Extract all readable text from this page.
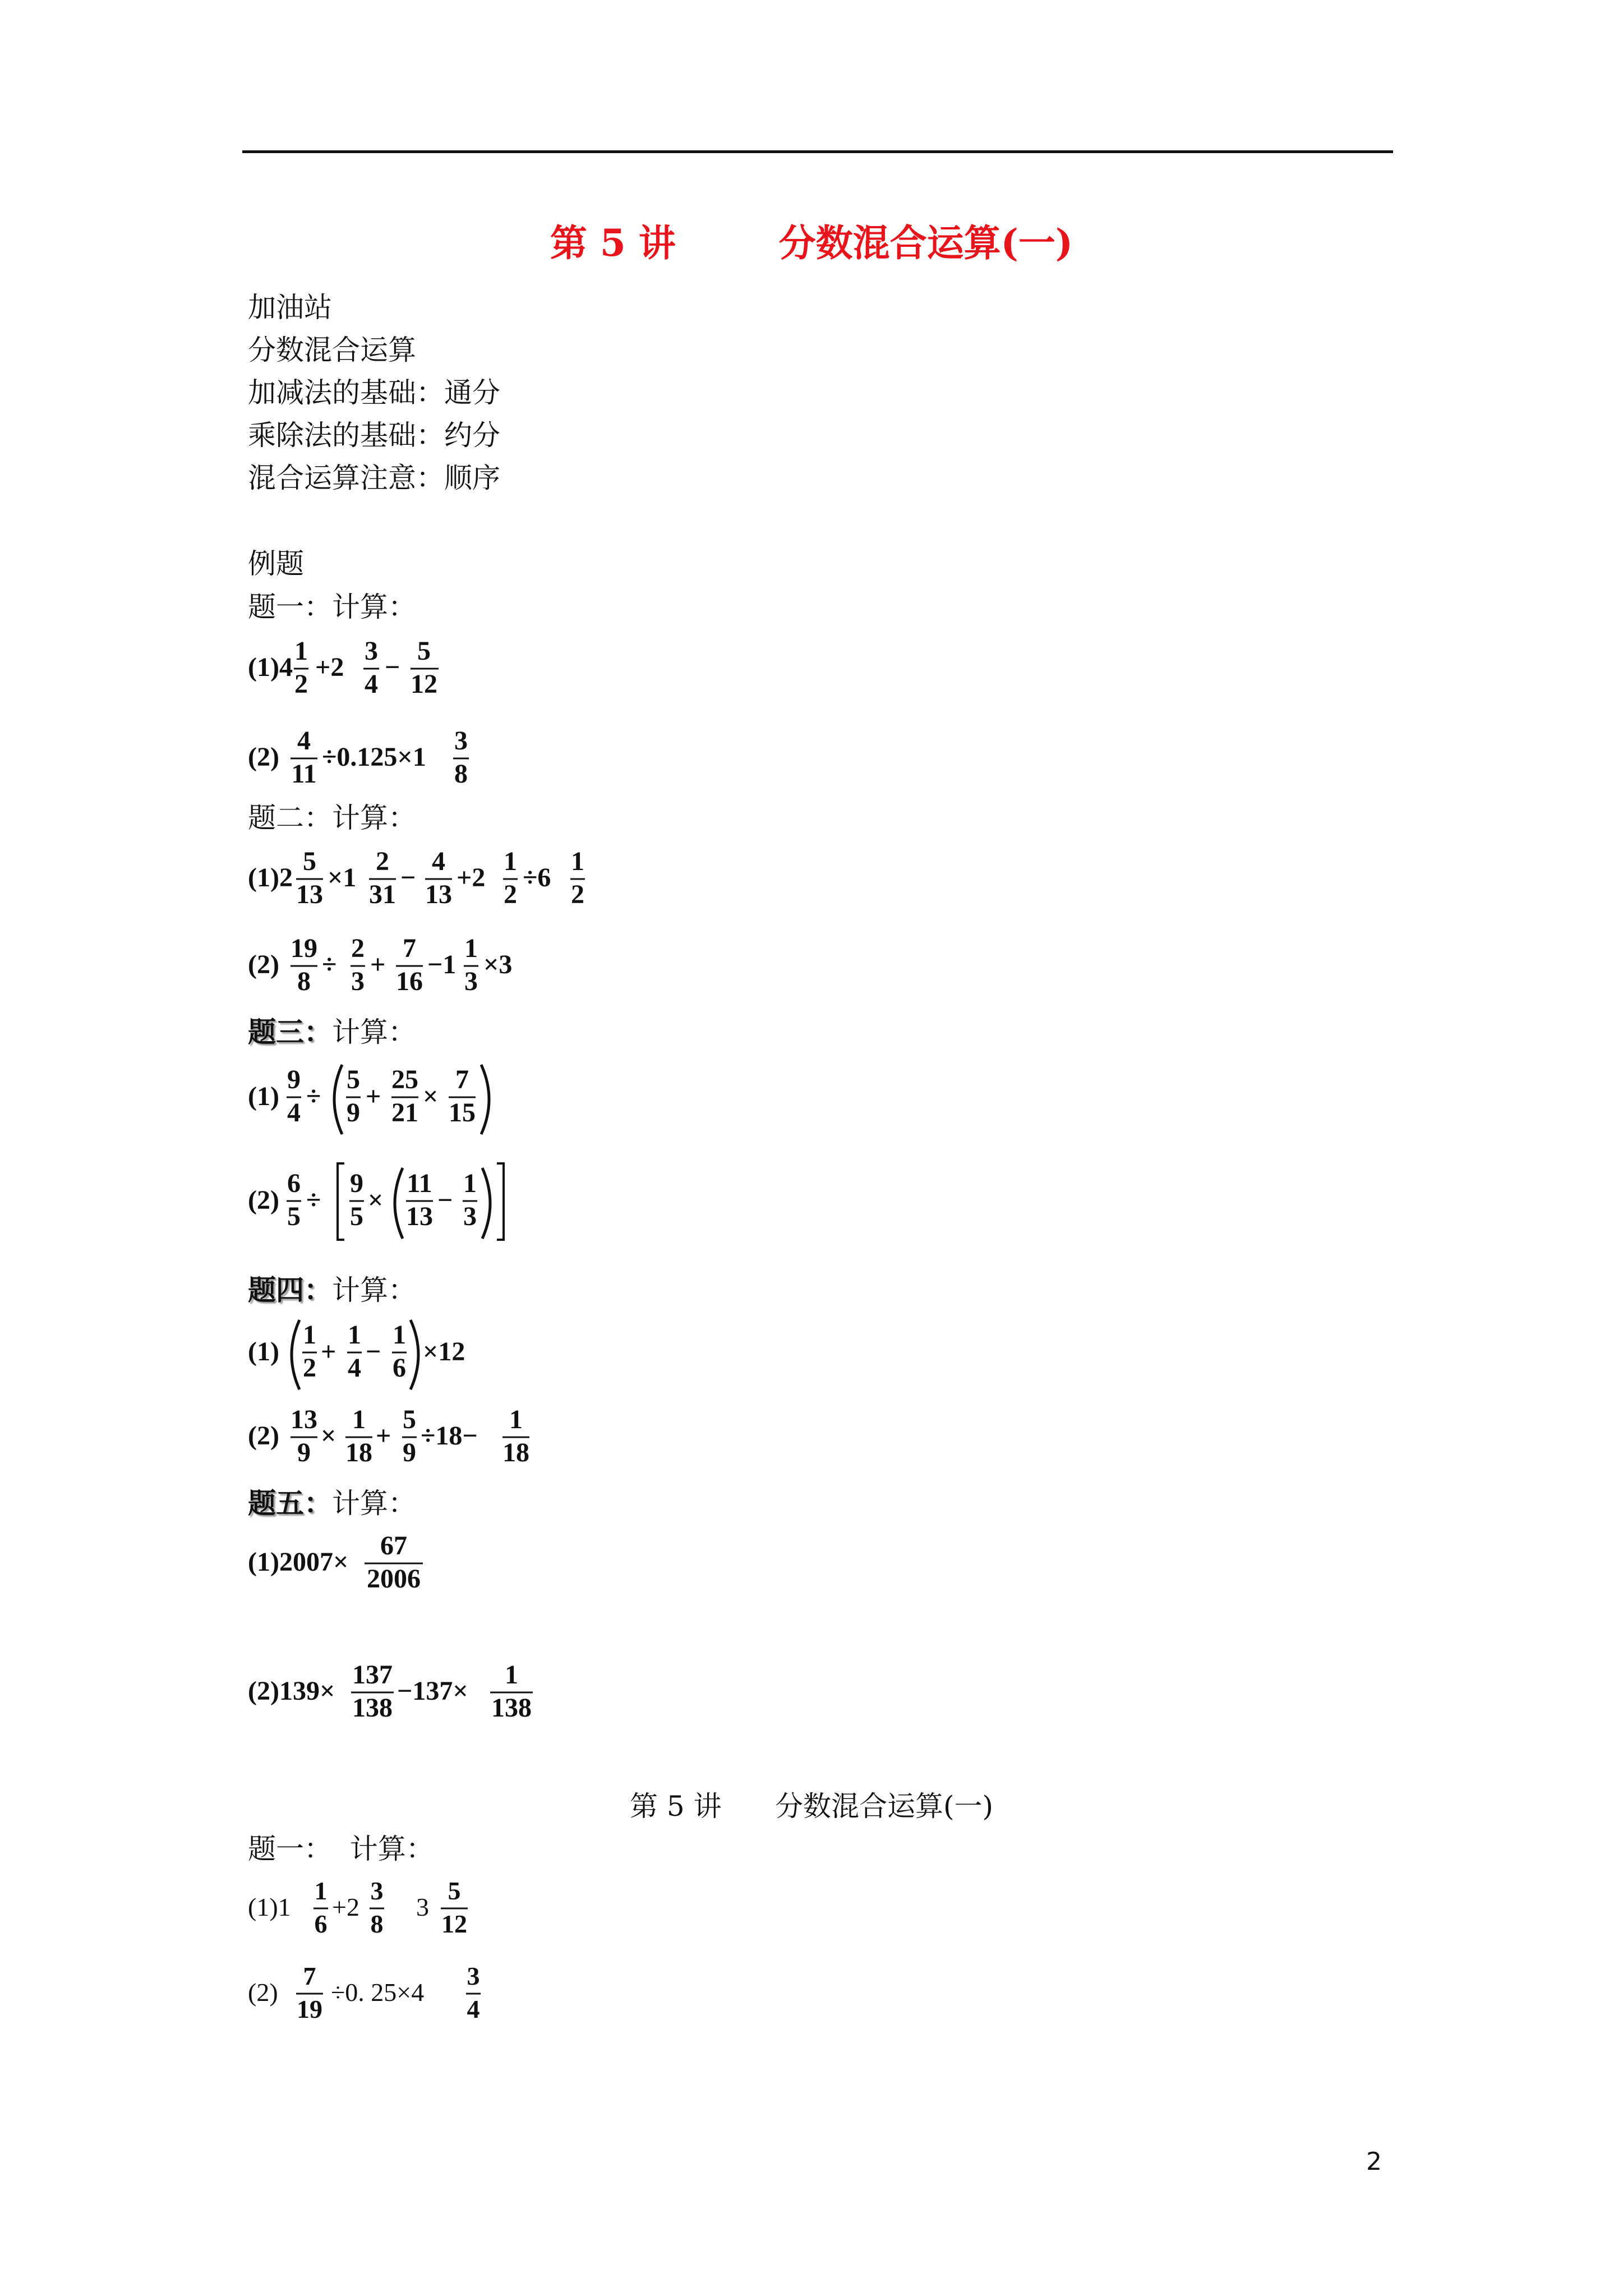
第 5 讲        分数混合运算(一)
加油站
分数混合运算
加减法的基础：通分
乘除法的基础：约分
混合运算注意：顺序
例题
题一：计算：
(1)4
1
2
+2
3
4
−
5
12
(2)
4
11
÷0.125×1
3
8
题二：计算：
(1)2
5
13
×1
2
31
−
4
13
+2
1
2
÷6
1
2
(2)
19
8
÷
2
3
+
7
16
−1
1
3
×3
题三：计算：
(1)
9
4
÷
5
9
+
25
21
×
7
15
(2)
6
5
÷
9
5
×
11
13
−
1
3
题四：计算：
(1)
1
2
+
1
4
−
1
6
×12
(2)
13
9
×
1
18
+
5
9
÷18−
1
18
题五：计算：
(1)2007×
67
2006
(2)139×
137
138
−137×
1
138
第 5 讲      分数混合运算(一)
题一：  计算：
(1)1
1
6
+2
3
8
3
5
12
(2)
7
19
÷0. 25×4
3
4
2
